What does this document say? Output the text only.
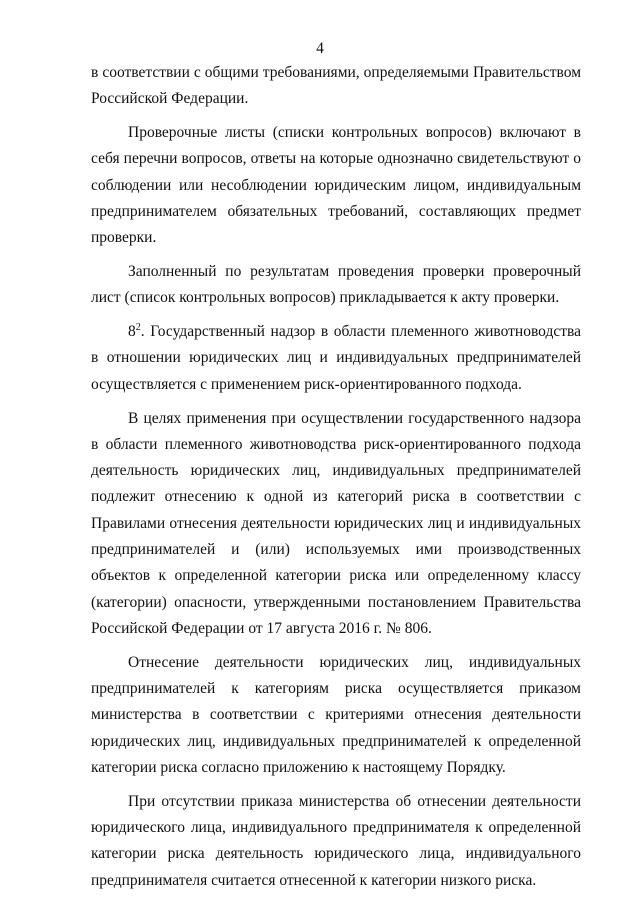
4

в соответствии с общими требованиями, определяемыми Правительством Российской Федерации.

Проверочные листы (списки контрольных вопросов) включают в себя перечни вопросов, ответы на которые однозначно свидетельствуют о соблюдении или несоблюдении юридическим лицом, индивидуальным предпринимателем обязательных требований, составляющих предмет проверки.

Заполненный по результатам проведения проверки проверочный лист (список контрольных вопросов) прикладывается к акту проверки.

$8^2$. Государственный надзор в области племенного животноводства в отношении юридических лиц и индивидуальных предпринимателей осуществляется с применением риск-ориентированного подхода.

В целях применения при осуществлении государственного надзора в области племенного животноводства риск-ориентированного подхода деятельность юридических лиц, индивидуальных предпринимателей подлежит отнесению к одной из категорий риска в соответствии с Правилами отнесения деятельности юридических лиц и индивидуальных предпринимателей и (или) используемых ими производственных объектов к определенной категории риска или определенному классу (категории) опасности, утвержденными постановлением Правительства Российской Федерации от 17 августа 2016 г. № 806.

Отнесение деятельности юридических лиц, индивидуальных предпринимателей к категориям риска осуществляется приказом министерства в соответствии с критериями отнесения деятельности юридических лиц, индивидуальных предпринимателей к определенной категории риска согласно приложению к настоящему Порядку.

При отсутствии приказа министерства об отнесении деятельности юридического лица, индивидуального предпринимателя к определенной категории риска деятельность юридического лица, индивидуального предпринимателя считается отнесенной к категории низкого риска.
